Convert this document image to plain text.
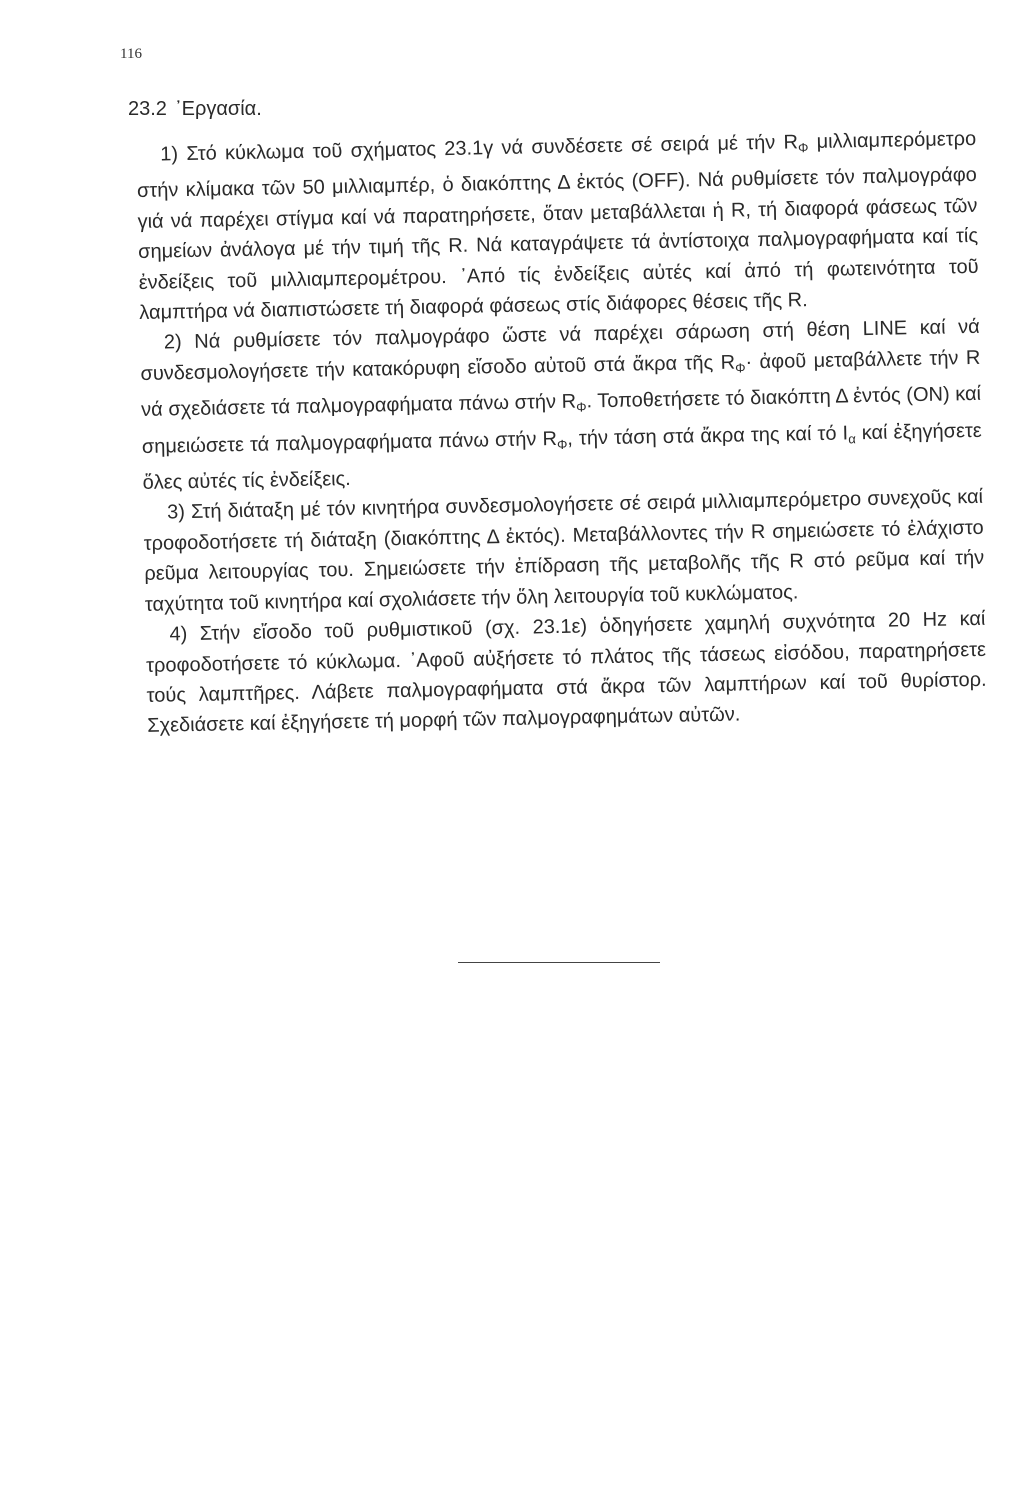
116
23.2 ᾽Εργασία.

1) Στό κύκλωμα τοῦ σχήματος 23.1γ νά συνδέσετε σέ σειρά μέ τήν $R_\Phi$ μιλλιαμπερόμετρο στήν κλίμακα τῶν 50 μιλλιαμπέρ, ὁ διακόπτης Δ ἐκτός (OFF). Νά ρυθμίσετε τόν παλμογράφο γιά νά παρέχει στίγμα καί νά παρατηρήσετε, ὅταν μεταβάλλεται ἡ R, τή διαφορά φάσεως τῶν σημείων ἀνάλογα μέ τήν τιμή τῆς R. Νά καταγράψετε τά ἀντίστοιχα παλμογραφήματα καί τίς ἐνδείξεις τοῦ μιλλιαμπερομέτρου. ᾽Από τίς ἐνδείξεις αὐτές καί ἀπό τή φωτεινότητα τοῦ λαμπτήρα νά διαπιστώσετε τή διαφορά φάσεως στίς διάφορες θέσεις τῆς R.

2) Νά ρυθμίσετε τόν παλμογράφο ὥστε νά παρέχει σάρωση στή θέση LINE καί νά συνδεσμολογήσετε τήν κατακόρυφη εἴσοδο αὐτοῦ στά ἄκρα τῆς $R_\Phi\cdot$ ἀφοῦ μεταβάλλετε τήν R νά σχεδιάσετε τά παλμογραφήματα πάνω στήν $R_\Phi$. Τοποθετήσετε τό διακόπτη Δ ἐντός (ON) καί σημειώσετε τά παλμογραφήματα πάνω στήν $R_\Phi$, τήν τάση στά ἄκρα της καί τό $I_\alpha$ καί ἐξηγήσετε ὅλες αὐτές τίς ἐνδείξεις.

3) Στή διάταξη μέ τόν κινητήρα συνδεσμολογήσετε σέ σειρά μιλλιαμπερόμετρο συνεχοῦς καί τροφοδοτήσετε τή διάταξη (διακόπτης Δ ἐκτός). Μεταβάλλοντες τήν R σημειώσετε τό ἐλάχιστο ρεῦμα λειτουργίας του. Σημειώσετε τήν ἐπίδραση τῆς μεταβολῆς τῆς R στό ρεῦμα καί τήν ταχύτητα τοῦ κινητήρα καί σχολιάσετε τήν ὅλη λειτουργία τοῦ κυκλώματος.

4) Στήν εἴσοδο τοῦ ρυθμιστικοῦ (σχ. 23.1ε) ὁδηγήσετε χαμηλή συχνότητα 20 Hz καί τροφοδοτήσετε τό κύκλωμα. ᾽Αφοῦ αὐξήσετε τό πλάτος τῆς τάσεως εἰσόδου, παρατηρήσετε τούς λαμπτῆρες. Λάβετε παλμογραφήματα στά ἄκρα τῶν λαμπτήρων καί τοῦ θυρίστορ. Σχεδιάσετε καί ἐξηγήσετε τή μορφή τῶν παλμογραφημάτων αὐτῶν.
